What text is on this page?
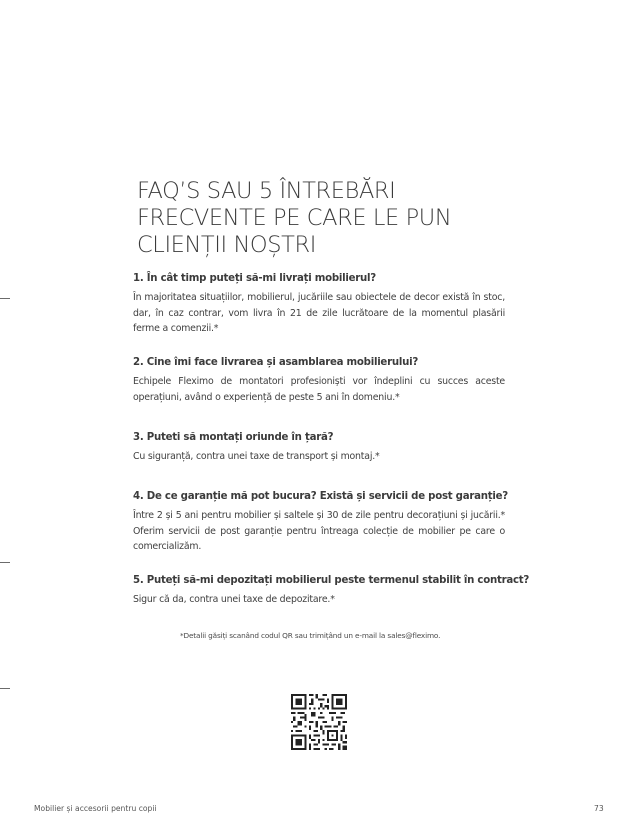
FAQ’S SAU 5 ÎNTREBĂRI
FRECVENTE PE CARE LE PUN
CLIENȚII NOȘTRI

1. În cât timp puteți să-mi livrați mobilierul?

În majoritatea situațiilor, mobilierul, jucăriile sau obiectele de decor există în stoc, dar, în caz contrar, vom livra în 21 de zile lucrătoare de la momentul plasării ferme a comenzii.*

2. Cine îmi face livrarea și asamblarea mobilierului?

Echipele Fleximo de montatori profesioniști vor îndeplini cu succes aceste operațiuni, având o experiență de peste 5 ani în domeniu.*

3. Puteti să montați oriunde în țară?

Cu siguranță, contra unei taxe de transport și montaj.*

4. De ce garanție mă pot bucura? Există și servicii de post garanție?

Între 2 și 5 ani pentru mobilier și saltele și 30 de zile pentru decorațiuni și jucării.* Oferim servicii de post garanție pentru întreaga colecție de mobilier pe care o comercializăm.

5. Puteți să-mi depozitați mobilierul peste termenul stabilit în contract?

Sigur că da, contra unei taxe de depozitare.*

*Detalii găsiți scanând codul QR sau trimițând un e-mail la sales@fleximo.
Mobilier și accesorii pentru copii	73
